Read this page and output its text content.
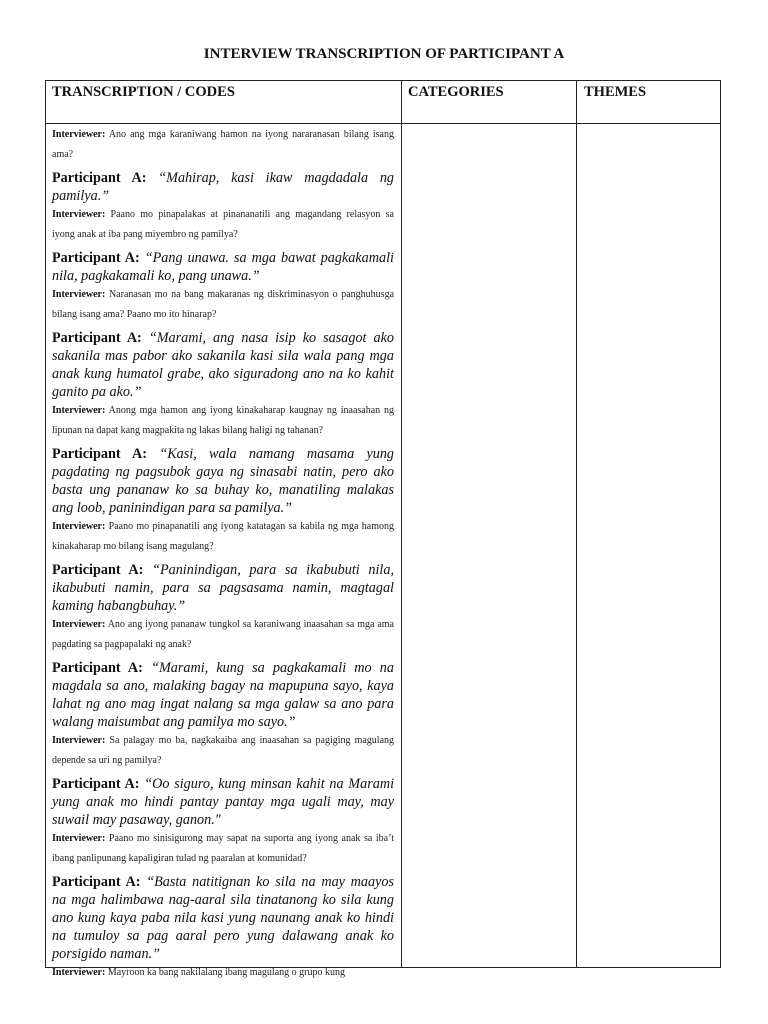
INTERVIEW TRANSCRIPTION OF PARTICIPANT A
TRANSCRIPTION / CODES	CATEGORIES	THEMES

Interviewer: Ano ang mga karaniwang hamon na iyong nararanasan bilang isang ama?

Participant A: “Mahirap, kasi ikaw magdadala ng pamilya.”

Interviewer: Paano mo pinapalakas at pinananatili ang magandang relasyon sa iyong anak at iba pang miyembro ng pamilya?

Participant A: “Pang unawa. sa mga bawat pagkakamali nila, pagkakamali ko, pang unawa.”

Interviewer: Naranasan mo na bang makaranas ng diskriminasyon o panghuhusga bilang isang ama? Paano mo ito hinarap?

Participant A: “Marami, ang nasa isip ko sasagot ako sakanila mas pabor ako sakanila kasi sila wala pang mga anak kung humatol grabe, ako siguradong ano na ko kahit ganito pa ako.”

Interviewer: Anong mga hamon ang iyong kinakaharap kaugnay ng inaasahan ng lipunan na dapat kang magpakita ng lakas bilang haligi ng tahanan?

Participant A: “Kasi, wala namang masama yung pagdating ng pagsubok gaya ng sinasabi natin, pero ako basta ung pananaw ko sa buhay ko, manatiling malakas ang loob, paninindigan para sa pamilya.”

Interviewer: Paano mo pinapanatili ang iyong katatagan sa kabila ng mga hamong kinakaharap mo bilang isang magulang?

Participant A: “Paninindigan, para sa ikabubuti nila, ikabubuti namin, para sa pagsasama namin, magtagal kaming habangbuhay.”

Interviewer: Ano ang iyong pananaw tungkol sa karaniwang inaasahan sa mga ama pagdating sa pagpapalaki ng anak?

Participant A: “Marami, kung sa pagkakamali mo na magdala sa ano, malaking bagay na mapupuna sayo, kaya lahat ng ano mag ingat nalang sa mga galaw sa ano para walang maisumbat ang pamilya mo sayo.”

Interviewer: Sa palagay mo ba, nagkakaiba ang inaasahan sa pagiging magulang depende sa uri ng pamilya?

Participant A: “Oo siguro, kung minsan kahit na Marami yung anak mo hindi pantay pantay mga ugali may, may suwail may pasaway, ganon."

Interviewer: Paano mo sinisigurong may sapat na suporta ang iyong anak sa iba’t ibang panlipunang kapaligiran tulad ng paaralan at komunidad?

Participant A: “Basta natitignan ko sila na may maayos na mga halimbawa nag-aaral sila tinatanong ko sila kung ano kung kaya paba nila kasi yung naunang anak ko hindi na tumuloy sa pag aaral pero yung dalawang anak ko porsigido naman.”

Interviewer: Mayroon ka bang nakilalang ibang magulang o grupo kung
